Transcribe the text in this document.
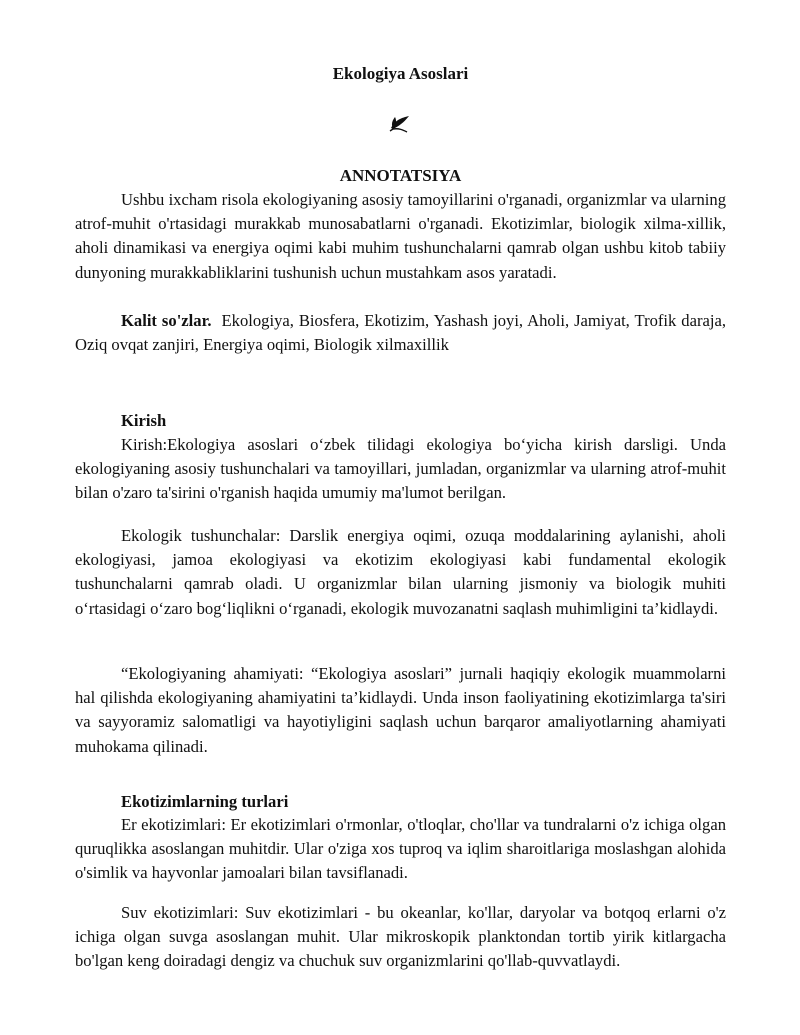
Ekologiya Asoslari
ANNOTATSIYA

Ushbu ixcham risola ekologiyaning asosiy tamoyillarini o'rganadi, organizmlar va ularning atrof-muhit o'rtasidagi murakkab munosabatlarni o'rganadi. Ekotizimlar, biologik xilma-xillik, aholi dinamikasi va energiya oqimi kabi muhim tushunchalarni qamrab olgan ushbu kitob tabiiy dunyoning murakkabliklarini tushunish uchun mustahkam asos yaratadi.

Kalit so'zlar. Ekologiya, Biosfera, Ekotizim, Yashash joyi, Aholi, Jamiyat, Trofik daraja, Oziq ovqat zanjiri, Energiya oqimi, Biologik xilmaxillik

Kirish

Kirish:Ekologiya asoslari o‘zbek tilidagi ekologiya bo‘yicha kirish darsligi. Unda ekologiyaning asosiy tushunchalari va tamoyillari, jumladan, organizmlar va ularning atrof-muhit bilan o'zaro ta'sirini o'rganish haqida umumiy ma'lumot berilgan.

Ekologik tushunchalar: Darslik energiya oqimi, ozuqa moddalarining aylanishi, aholi ekologiyasi, jamoa ekologiyasi va ekotizim ekologiyasi kabi fundamental ekologik tushunchalarni qamrab oladi. U organizmlar bilan ularning jismoniy va biologik muhiti o‘rtasidagi o‘zaro bog‘liqlikni o‘rganadi, ekologik muvozanatni saqlash muhimligini ta’kidlaydi.

“Ekologiyaning ahamiyati: “Ekologiya asoslari” jurnali haqiqiy ekologik muammolarni hal qilishda ekologiyaning ahamiyatini ta’kidlaydi. Unda inson faoliyatining ekotizimlarga ta'siri va sayyoramiz salomatligi va hayotiyligini saqlash uchun barqaror amaliyotlarning ahamiyati muhokama qilinadi.

Ekotizimlarning turlari

Er ekotizimlari: Er ekotizimlari o'rmonlar, o'tloqlar, cho'llar va tundralarni o'z ichiga olgan quruqlikka asoslangan muhitdir. Ular o'ziga xos tuproq va iqlim sharoitlariga moslashgan alohida o'simlik va hayvonlar jamoalari bilan tavsiflanadi.

Suv ekotizimlari: Suv ekotizimlari - bu okeanlar, ko'llar, daryolar va botqoq erlarni o'z ichiga olgan suvga asoslangan muhit. Ular mikroskopik planktondan tortib yirik kitlargacha bo'lgan keng doiradagi dengiz va chuchuk suv organizmlarini qo'llab-quvvatlaydi.
